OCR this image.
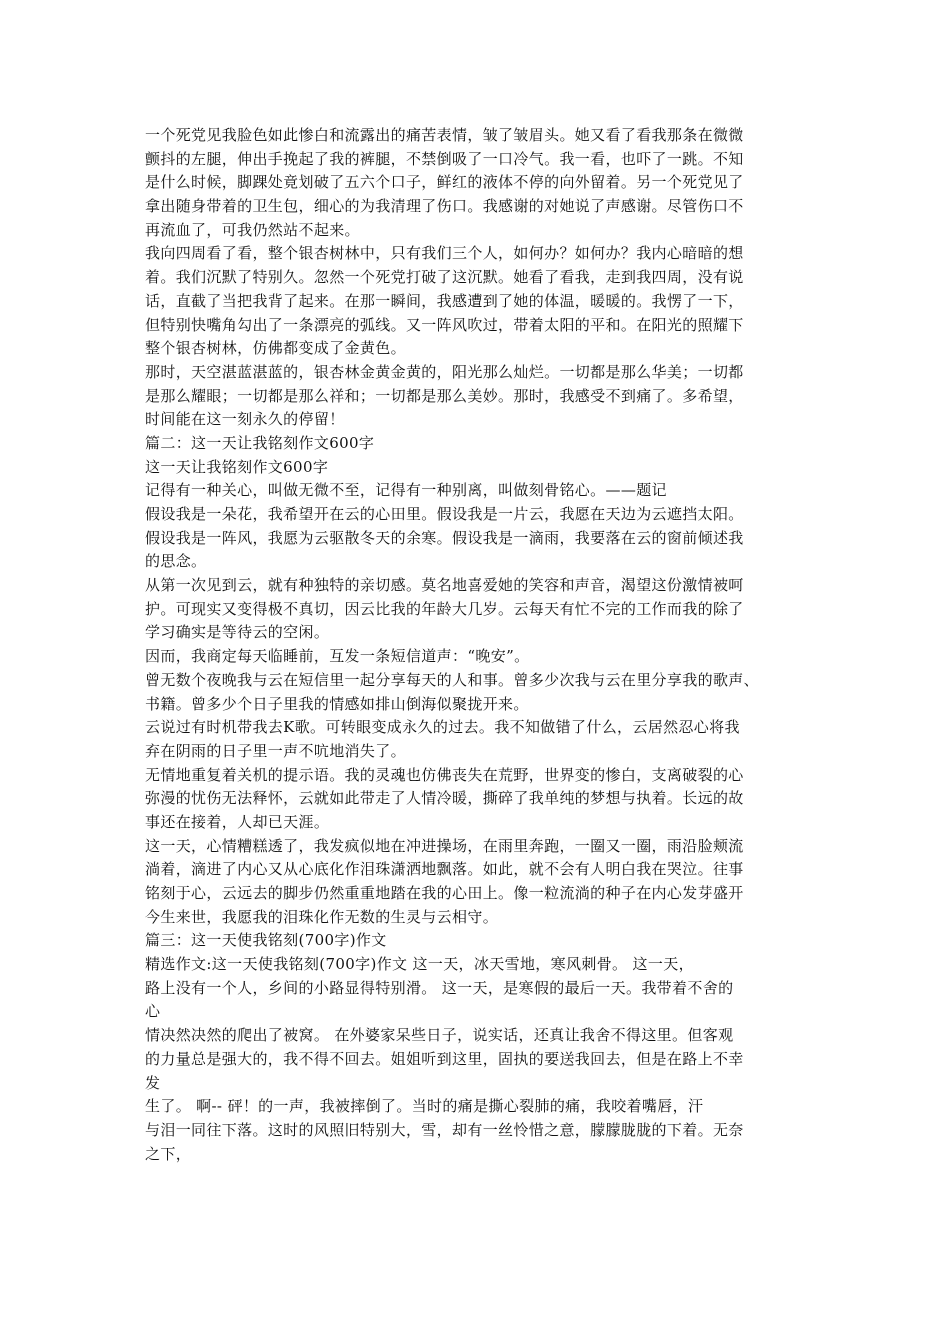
一个死党见我脸色如此惨白和流露出的痛苦表情，皱了皱眉头。她又看了看我那条在微微
颤抖的左腿，伸出手挽起了我的裤腿，不禁倒吸了一口冷气。我一看，也吓了一跳。不知
是什么时候，脚踝处竟划破了五六个口子，鲜红的液体不停的向外留着。另一个死党见了
拿出随身带着的卫生包，细心的为我清理了伤口。我感谢的对她说了声感谢。尽管伤口不
再流血了，可我仍然站不起来。
我向四周看了看，整个银杏树林中，只有我们三个人，如何办？如何办？我内心暗暗的想
着。我们沉默了特别久。忽然一个死党打破了这沉默。她看了看我，走到我四周，没有说
话，直截了当把我背了起来。在那一瞬间，我感遭到了她的体温，暖暖的。我愣了一下，
但特别快嘴角勾出了一条漂亮的弧线。又一阵风吹过，带着太阳的平和。在阳光的照耀下
整个银杏树林，仿佛都变成了金黄色。
那时，天空湛蓝湛蓝的，银杏林金黄金黄的，阳光那么灿烂。一切都是那么华美；一切都
是那么耀眼；一切都是那么祥和；一切都是那么美妙。那时，我感受不到痛了。多希望，
时间能在这一刻永久的停留！
篇二：这一天让我铭刻作文600字
这一天让我铭刻作文600字
记得有一种关心，叫做无微不至，记得有一种别离，叫做刻骨铭心。——题记
假设我是一朵花，我希望开在云的心田里。假设我是一片云，我愿在天边为云遮挡太阳。
假设我是一阵风，我愿为云驱散冬天的余寒。假设我是一滴雨，我要落在云的窗前倾述我
的思念。
从第一次见到云，就有种独特的亲切感。莫名地喜爱她的笑容和声音，渴望这份激情被呵
护。可现实又变得极不真切，因云比我的年龄大几岁。云每天有忙不完的工作而我的除了
学习确实是等待云的空闲。
因而，我商定每天临睡前，互发一条短信道声：“晚安”。
曾无数个夜晚我与云在短信里一起分享每天的人和事。曾多少次我与云在里分享我的歌声、
书籍。曾多少个日子里我的情感如排山倒海似聚拢开来。
云说过有时机带我去K歌。可转眼变成永久的过去。我不知做错了什么，云居然忍心将我
弃在阴雨的日子里一声不吭地消失了。
无情地重复着关机的提示语。我的灵魂也仿佛丧失在荒野，世界变的惨白，支离破裂的心
弥漫的忧伤无法释怀，云就如此带走了人情冷暖，撕碎了我单纯的梦想与执着。长远的故
事还在接着，人却已天涯。
这一天，心情糟糕透了，我发疯似地在冲进操场，在雨里奔跑，一圈又一圈，雨沿脸颊流
淌着，滴进了内心又从心底化作泪珠潇洒地飘落。如此，就不会有人明白我在哭泣。往事
铭刻于心，云远去的脚步仍然重重地踏在我的心田上。像一粒流淌的种子在内心发芽盛开
今生来世，我愿我的泪珠化作无数的生灵与云相守。
篇三：这一天使我铭刻(700字)作文
精选作文:这一天使我铭刻(700字)作文 这一天，冰天雪地，寒风刺骨。 这一天，
路上没有一个人，乡间的小路显得特别滑。 这一天，是寒假的最后一天。我带着不舍的
心
情决然决然的爬出了被窝。 在外婆家呆些日子，说实话，还真让我舍不得这里。但客观
的力量总是强大的，我不得不回去。姐姐听到这里，固执的要送我回去，但是在路上不幸
发
生了。 啊-- 砰！的一声，我被摔倒了。当时的痛是撕心裂肺的痛，我咬着嘴唇，汗
与泪一同往下落。这时的风照旧特别大，雪，却有一丝怜惜之意，朦朦胧胧的下着。无奈
之下，
